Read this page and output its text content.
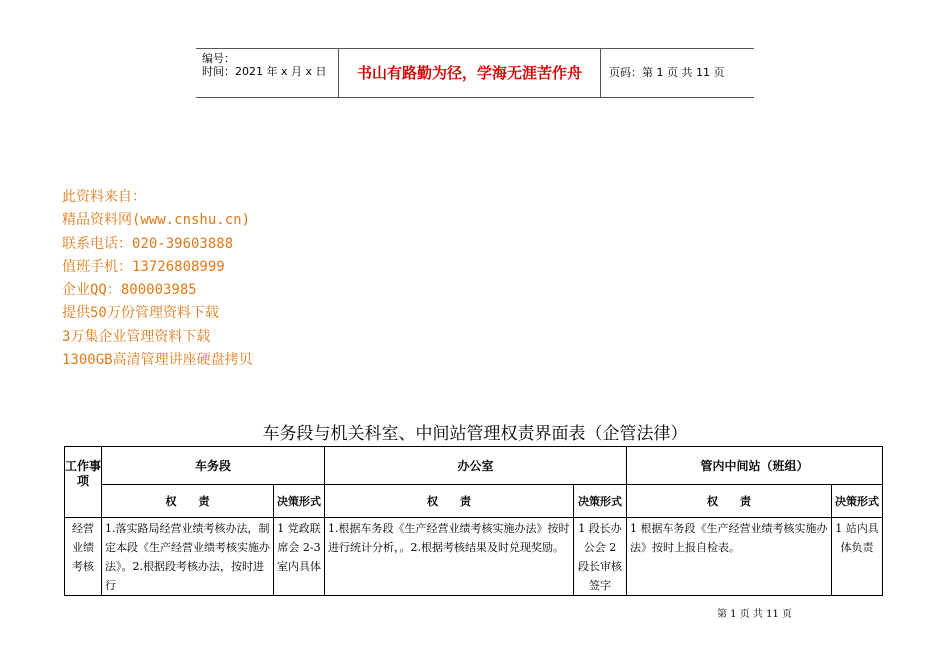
编号：
时间：2021 年 x 月 x 日	书山有路勤为径，学海无涯苦作舟	页码：第 1 页 共 11 页
此资料来自：
精品资料网(www.cnshu.cn)
联系电话：020-39603888
值班手机：13726808999
企业QQ：800003985
提供50万份管理资料下载
3万集企业管理资料下载
1300GB高清管理讲座硬盘拷贝
车务段与机关科室、中间站管理权责界面表（企管法律）
工作事项	车务段		办公室		管内中间站（班组）	
	权　　责	决策形式	权　　责	决策形式	权　　责	决策形式

经营业绩考核	1.落实路局经营业绩考核办法，制定本段《生产经营业绩考核实施办法》。2.根据段考核办法，按时进行	1 党政联席会 2-3 室内具体	1.根据车务段《生产经营业绩考核实施办法》按时进行统计分析，。2.根据考核结果及时兑现奖励。	1 段长办公会 2 段长审核签字	1 根据车务段《生产经营业绩考核实施办法》按时上报自检表。	1 站内具体负责
第 1 页 共 11 页
